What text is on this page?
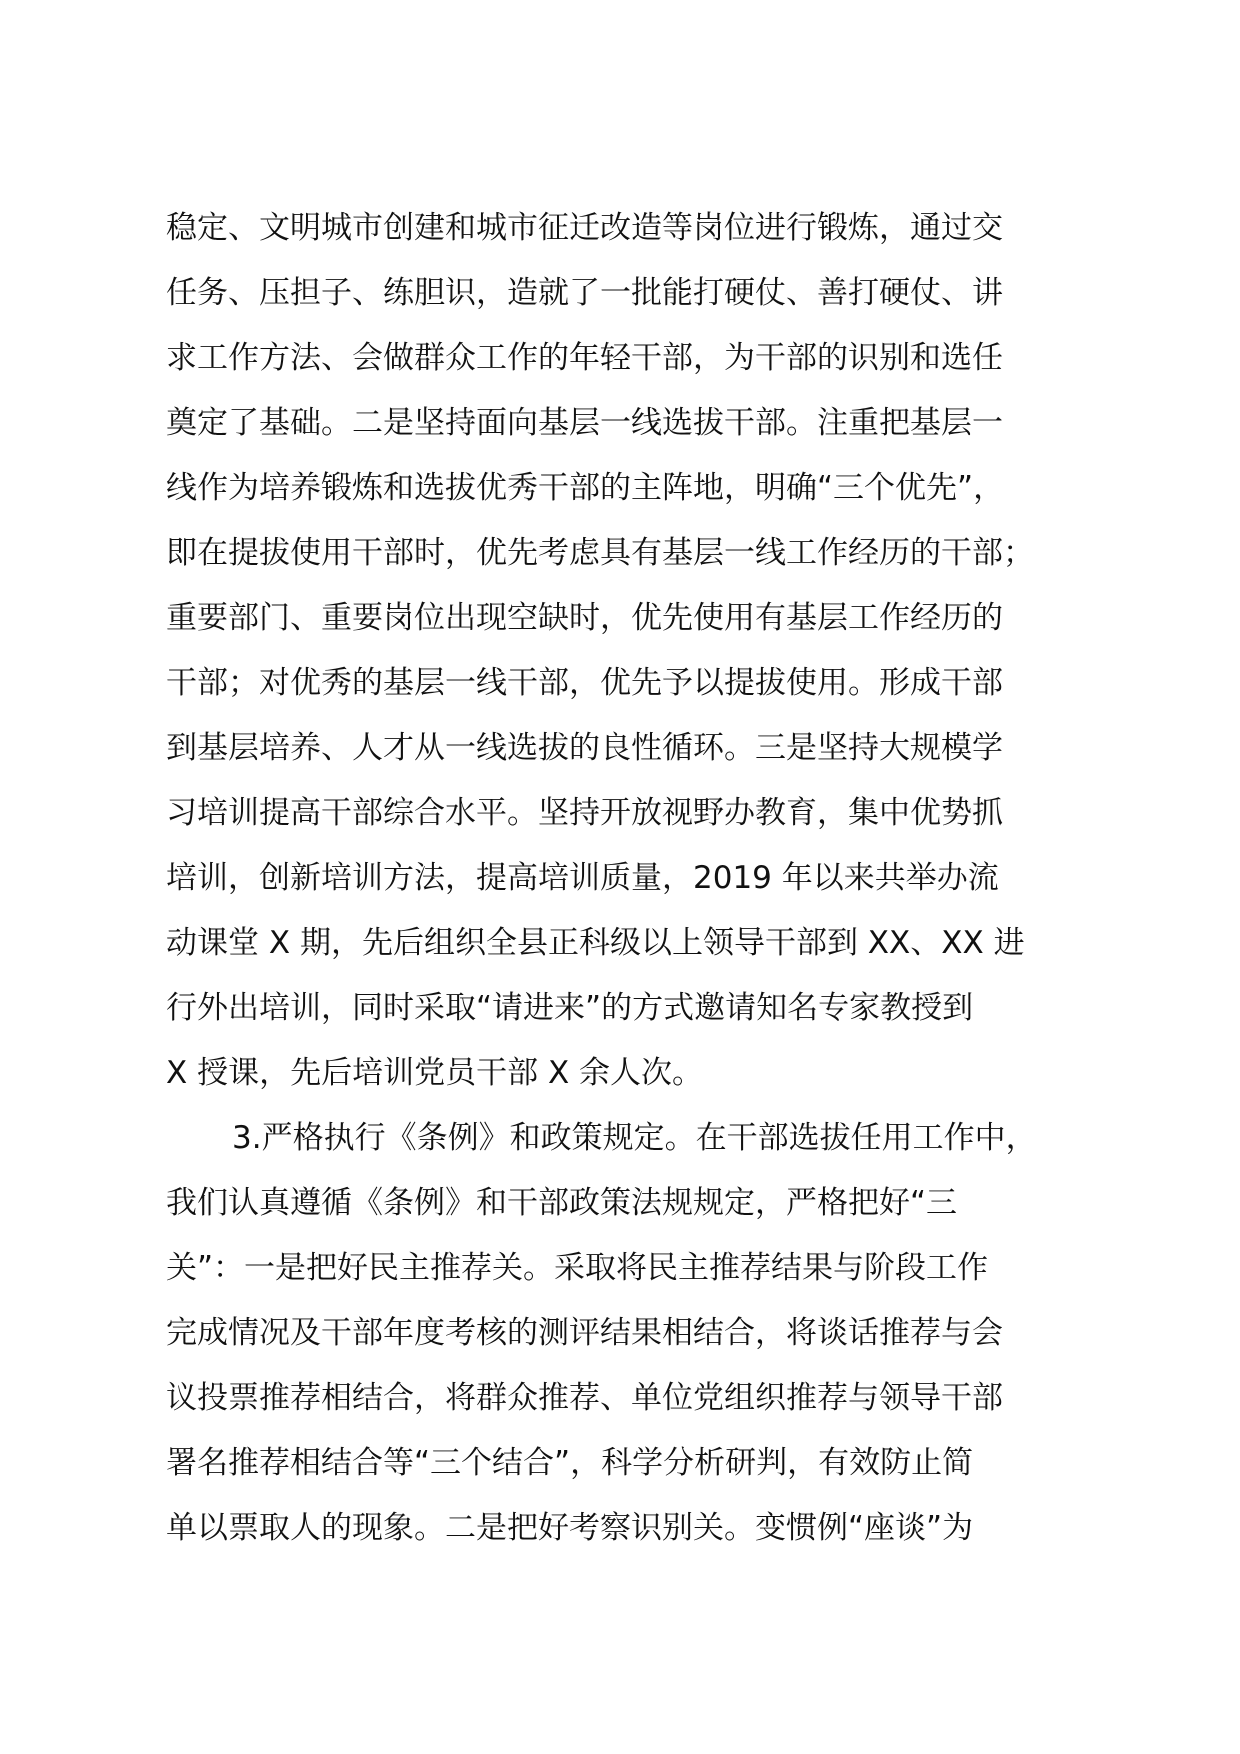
稳定、文明城市创建和城市征迁改造等岗位进行锻炼，通过交
任务、压担子、练胆识，造就了一批能打硬仗、善打硬仗、讲
求工作方法、会做群众工作的年轻干部，为干部的识别和选任
奠定了基础。二是坚持面向基层一线选拔干部。注重把基层一
线作为培养锻炼和选拔优秀干部的主阵地，明确“三个优先”，
即在提拔使用干部时，优先考虑具有基层一线工作经历的干部；
重要部门、重要岗位出现空缺时，优先使用有基层工作经历的
干部；对优秀的基层一线干部，优先予以提拔使用。形成干部
到基层培养、人才从一线选拔的良性循环。三是坚持大规模学
习培训提高干部综合水平。坚持开放视野办教育，集中优势抓
培训，创新培训方法，提高培训质量，2019 年以来共举办流
动课堂 X 期，先后组织全县正科级以上领导干部到 XX、XX 进
行外出培训，同时采取“请进来”的方式邀请知名专家教授到
X 授课，先后培训党员干部 X 余人次。
3.严格执行《条例》和政策规定。在干部选拔任用工作中，
我们认真遵循《条例》和干部政策法规规定，严格把好“三
关”：一是把好民主推荐关。采取将民主推荐结果与阶段工作
完成情况及干部年度考核的测评结果相结合，将谈话推荐与会
议投票推荐相结合，将群众推荐、单位党组织推荐与领导干部
署名推荐相结合等“三个结合”，科学分析研判，有效防止简
单以票取人的现象。二是把好考察识别关。变惯例“座谈”为
